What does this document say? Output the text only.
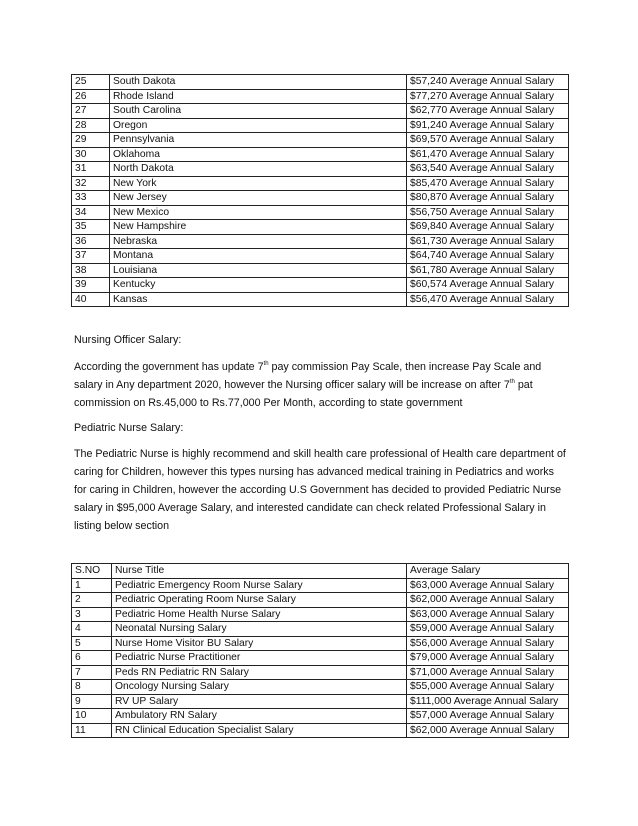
25	South Dakota	$57,240 Average Annual Salary
26	Rhode Island	$77,270 Average Annual Salary
27	South Carolina	$62,770 Average Annual Salary
28	Oregon	$91,240 Average Annual Salary
29	Pennsylvania	$69,570 Average Annual Salary
30	Oklahoma	$61,470 Average Annual Salary
31	North Dakota	$63,540 Average Annual Salary
32	New York	$85,470 Average Annual Salary
33	New Jersey	$80,870 Average Annual Salary
34	New Mexico	$56,750 Average Annual Salary
35	New Hampshire	$69,840 Average Annual Salary
36	Nebraska	$61,730 Average Annual Salary
37	Montana	$64,740 Average Annual Salary
38	Louisiana	$61,780 Average Annual Salary
39	Kentucky	$60,574 Average Annual Salary
40	Kansas	$56,470 Average Annual Salary

Nursing Officer Salary:

According the government has update 7th pay commission Pay Scale, then increase Pay Scale and salary in Any department 2020, however the Nursing officer salary will be increase on after 7th pat commission on Rs.45,000 to Rs.77,000 Per Month, according to state government

Pediatric Nurse Salary:

The Pediatric Nurse is highly recommend and skill health care professional of Health care department of caring for Children, however this types nursing has advanced medical training in Pediatrics and works for caring in Children, however the according U.S Government has decided to provided Pediatric Nurse salary in $95,000 Average Salary, and interested candidate can check related Professional Salary in listing below section

S.NO	Nurse Title	Average Salary
1	Pediatric Emergency Room Nurse Salary	$63,000 Average Annual Salary
2	Pediatric Operating Room Nurse Salary	$62,000 Average Annual Salary
3	Pediatric Home Health Nurse Salary	$63,000 Average Annual Salary
4	Neonatal Nursing Salary	$59,000 Average Annual Salary
5	Nurse Home Visitor BU Salary	$56,000 Average Annual Salary
6	Pediatric Nurse Practitioner	$79,000 Average Annual Salary
7	Peds RN Pediatric RN Salary	$71,000 Average Annual Salary
8	Oncology Nursing Salary	$55,000 Average Annual Salary
9	RV UP Salary	$111,000 Average Annual Salary
10	Ambulatory RN Salary	$57,000 Average Annual Salary
11	RN Clinical Education Specialist Salary	$62,000 Average Annual Salary
